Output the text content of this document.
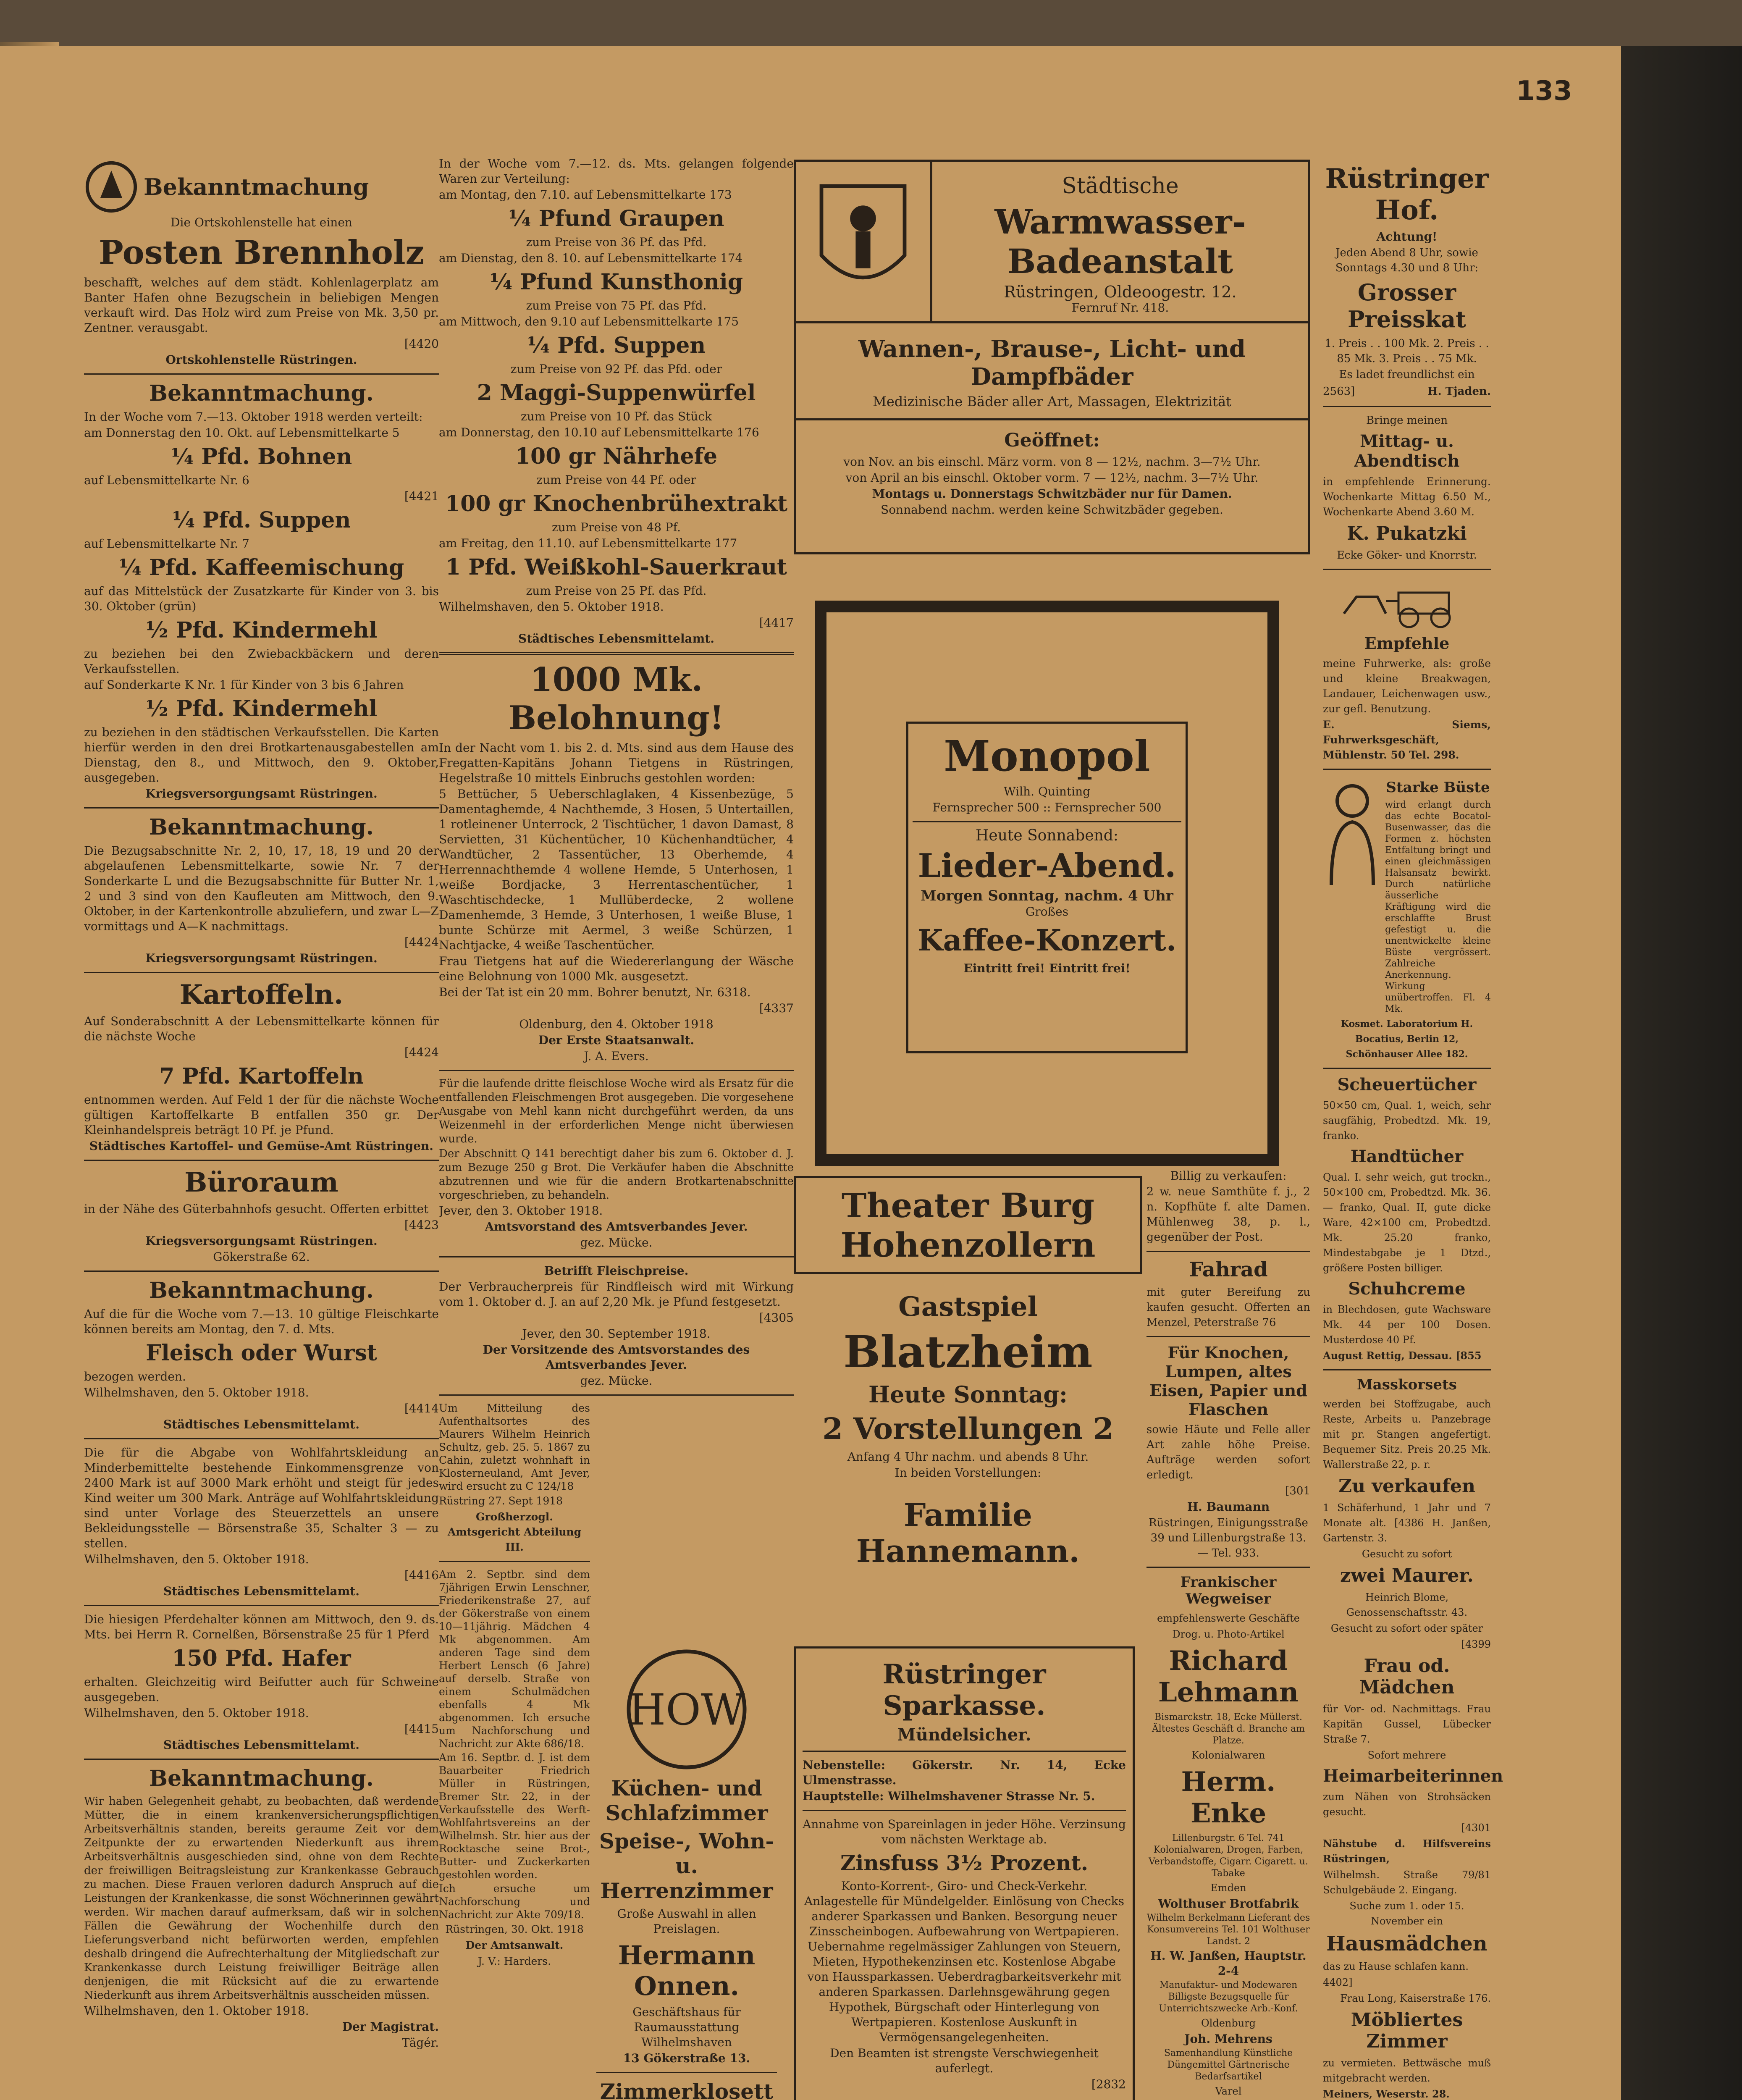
133
Bekanntmachung
Die Ortskohlenstelle hat einen
Posten Brennholz
beschafft, welches auf dem städt. Kohlenlagerplatz am Banter Hafen ohne Bezugschein in beliebigen Mengen verkauft wird. Das Holz wird zum Preise von Mk. 3,50 pr. Zentner. verausgabt.
[4420
Ortskohlenstelle Rüstringen.
Bekanntmachung.
In der Woche vom 7.—13. Oktober 1918 werden verteilt:
am Donnerstag den 10. Okt. auf Lebensmittelkarte 5
¼ Pfd. Bohnen
auf Lebensmittelkarte Nr. 6
[4421
¼ Pfd. Suppen
auf Lebensmittelkarte Nr. 7
¼ Pfd. Kaffeemischung
auf das Mittelstück der Zusatzkarte für Kinder von 3. bis 30. Oktober (grün)
½ Pfd. Kindermehl
zu beziehen bei den Zwiebackbäckern und deren Verkaufsstellen.
auf Sonderkarte K Nr. 1 für Kinder von 3 bis 6 Jahren
½ Pfd. Kindermehl
zu beziehen in den städtischen Verkaufsstellen. Die Karten hierfür werden in den drei Brotkartenausgabestellen am Dienstag, den 8., und Mittwoch, den 9. Oktober, ausgegeben.
Kriegsversorgungsamt Rüstringen.
Bekanntmachung.
Die Bezugsabschnitte Nr. 2, 10, 17, 18, 19 und 20 der abgelaufenen Lebensmittelkarte, sowie Nr. 7 der Sonderkarte L und die Bezugsabschnitte für Butter Nr. 1, 2 und 3 sind von den Kaufleuten am Mittwoch, den 9. Oktober, in der Kartenkontrolle abzuliefern, und zwar L—Z vormittags und A—K nachmittags.
[4424
Kriegsversorgungsamt Rüstringen.
Kartoffeln.
Auf Sonderabschnitt A der Lebensmittelkarte können für die nächste Woche
[4424
7 Pfd. Kartoffeln
entnommen werden. Auf Feld 1 der für die nächste Woche gültigen Kartoffelkarte B entfallen 350 gr. Der Kleinhandelspreis beträgt 10 Pf. je Pfund.
Städtisches Kartoffel- und Gemüse-Amt Rüstringen.
Büroraum
in der Nähe des Güterbahnhofs gesucht. Offerten erbittet
[4423
Kriegsversorgungsamt Rüstringen.
Gökerstraße 62.
Bekanntmachung.
Auf die für die Woche vom 7.—13. 10 gültige Fleischkarte können bereits am Montag, den 7. d. Mts.
Fleisch oder Wurst
bezogen werden.
Wilhelmshaven, den 5. Oktober 1918.
[4414
Städtisches Lebensmittelamt.
Die für die Abgabe von Wohlfahrtskleidung an Minderbemittelte bestehende Einkommensgrenze von 2400 Mark ist auf 3000 Mark erhöht und steigt für jedes Kind weiter um 300 Mark. Anträge auf Wohlfahrtskleidung sind unter Vorlage des Steuerzettels an unsere Bekleidungsstelle — Börsenstraße 35, Schalter 3 — zu stellen.
Wilhelmshaven, den 5. Oktober 1918.
[4416
Städtisches Lebensmittelamt.
Die hiesigen Pferdehalter können am Mittwoch, den 9. ds. Mts. bei Herrn R. Cornelßen, Börsenstraße 25 für 1 Pferd
150 Pfd. Hafer
erhalten. Gleichzeitig wird Beifutter auch für Schweine ausgegeben.
Wilhelmshaven, den 5. Oktober 1918.
[4415
Städtisches Lebensmittelamt.
Bekanntmachung.
Wir haben Gelegenheit gehabt, zu beobachten, daß werdende Mütter, die in einem krankenversicherungspflichtigen Arbeitsverhältnis standen, bereits geraume Zeit vor dem Zeitpunkte der zu erwartenden Niederkunft aus ihrem Arbeitsverhältnis ausgeschieden sind, ohne von dem Rechte der freiwilligen Beitragsleistung zur Krankenkasse Gebrauch zu machen. Diese Frauen verloren dadurch Anspruch auf die Leistungen der Krankenkasse, die sonst Wöchnerinnen gewährt werden. Wir machen darauf aufmerksam, daß wir in solchen Fällen die Gewährung der Wochenhilfe durch den Lieferungsverband nicht befürworten werden, empfehlen deshalb dringend die Aufrechterhaltung der Mitgliedschaft zur Krankenkasse durch Leistung freiwilliger Beiträge allen denjenigen, die mit Rücksicht auf die zu erwartende Niederkunft aus ihrem Arbeitsverhältnis ausscheiden müssen.
Wilhelmshaven, den 1. Oktober 1918.
Der Magistrat.
Tägér.
In der Woche vom 7.—12. ds. Mts. gelangen folgende Waren zur Verteilung:
am Montag, den 7.10. auf Lebensmittelkarte 173
¼ Pfund Graupen
zum Preise von 36 Pf. das Pfd.
am Dienstag, den 8. 10. auf Lebensmittelkarte 174
¼ Pfund Kunsthonig
zum Preise von 75 Pf. das Pfd.
am Mittwoch, den 9.10 auf Lebensmittelkarte 175
¼ Pfd. Suppen
zum Preise von 92 Pf. das Pfd. oder
2 Maggi-Suppenwürfel
zum Preise von 10 Pf. das Stück
am Donnerstag, den 10.10 auf Lebensmittelkarte 176
100 gr Nährhefe
zum Preise von 44 Pf. oder
100 gr Knochenbrühextrakt
zum Preise von 48 Pf.
am Freitag, den 11.10. auf Lebensmittelkarte 177
1 Pfd. Weißkohl-Sauerkraut
zum Preise von 25 Pf. das Pfd.
Wilhelmshaven, den 5. Oktober 1918.
[4417
Städtisches Lebensmittelamt.
1000 Mk. Belohnung!
In der Nacht vom 1. bis 2. d. Mts. sind aus dem Hause des Fregatten-Kapitäns Johann Tietgens in Rüstringen, Hegelstraße 10 mittels Einbruchs gestohlen worden:
5 Bettücher, 5 Ueberschlaglaken, 4 Kissenbezüge, 5 Damentaghemde, 4 Nachthemde, 3 Hosen, 5 Untertaillen, 1 rotleinener Unterrock, 2 Tischtücher, 1 davon Damast, 8 Servietten, 31 Küchentücher, 10 Küchenhandtücher, 4 Wandtücher, 2 Tassentücher, 13 Oberhemde, 4 Herrennachthemde 4 wollene Hemde, 5 Unterhosen, 1 weiße Bordjacke, 3 Herrentaschentücher, 1 Waschtischdecke, 1 Mullüberdecke, 2 wollene Damenhemde, 3 Hemde, 3 Unterhosen, 1 weiße Bluse, 1 bunte Schürze mit Aermel, 3 weiße Schürzen, 1 Nachtjacke, 4 weiße Taschentücher.
Frau Tietgens hat auf die Wiedererlangung der Wäsche eine Belohnung von 1000 Mk. ausgesetzt.
Bei der Tat ist ein 20 mm. Bohrer benutzt, Nr. 6318.
[4337
Oldenburg, den 4. Oktober 1918
Der Erste Staatsanwalt.
J. A. Evers.
Für die laufende dritte fleischlose Woche wird als Ersatz für die entfallenden Fleischmengen Brot ausgegeben. Die vorgesehene Ausgabe von Mehl kann nicht durchgeführt werden, da uns Weizenmehl in der erforderlichen Menge nicht überwiesen wurde.
Der Abschnitt Q 141 berechtigt daher bis zum 6. Oktober d. J. zum Bezuge 250 g Brot. Die Verkäufer haben die Abschnitte abzutrennen und wie für die andern Brotkartenabschnitte vorgeschrieben, zu behandeln.
Jever, den 3. Oktober 1918.
Amtsvorstand des Amtsverbandes Jever.
gez. Mücke.
Betrifft Fleischpreise.
Der Verbraucherpreis für Rindfleisch wird mit Wirkung vom 1. Oktober d. J. an auf 2,20 Mk. je Pfund festgesetzt.
[4305
Jever, den 30. September 1918.
Der Vorsitzende des Amtsvorstandes des Amtsverbandes Jever.
gez. Mücke.
Um Mitteilung des Aufenthaltsortes des Maurers Wilhelm Heinrich Schultz, geb. 25. 5. 1867 zu Cahin, zuletzt wohnhaft in Klosterneuland, Amt Jever, wird ersucht zu C 124/18
Rüstring 27. Sept 1918
Großherzogl. Amtsgericht Abteilung III.
Am 2. Septbr. sind dem 7jährigen Erwin Lenschner, Friederikenstraße 27, auf der Gökerstraße von einem 10—11jährig. Mädchen 4 Mk abgenommen. Am anderen Tage sind dem Herbert Lensch (6 Jahre) auf derselb. Straße von einem Schulmädchen ebenfalls 4 Mk abgenommen. Ich ersuche um Nachforschung und Nachricht zur Akte 686/18.
Am 16. Septbr. d. J. ist dem Bauarbeiter Friedrich Müller in Rüstringen, Bremer Str. 22, in der Verkaufsstelle des Werft-Wohlfahrtsvereins an der Wilhelmsh. Str. hier aus der Rocktasche seine Brot-, Butter- und Zuckerkarten gestohlen worden.
Ich ersuche um Nachforschung und Nachricht zur Akte 709/18.
Rüstringen, 30. Okt. 1918
Der Amtsanwalt.
J. V.: Harders.
HOW
Küchen- und Schlafzimmer
Speise-, Wohn- u. Herrenzimmer
Große Auswahl in allen Preislagen.
Hermann Onnen.
Geschäftshaus für Raumausstattung Wilhelmshaven
13 Gökerstraße 13.
Zimmerklosett
Städtische
Warmwasser-Badeanstalt
Rüstringen, Oldeoogestr. 12.
Fernruf Nr. 418.
Wannen-, Brause-, Licht- und Dampfbäder
Medizinische Bäder aller Art, Massagen, Elektrizität
Geöffnet:
von Nov. an bis einschl. März vorm. von 8 — 12½, nachm. 3—7½ Uhr.
von April an bis einschl. Oktober vorm. 7 — 12½, nachm. 3—7½ Uhr.
Montags u. Donnerstags Schwitzbäder nur für Damen.
Sonnabend nachm. werden keine Schwitzbäder gegeben.
Monopol
Wilh. Quinting
Fernsprecher 500 :: Fernsprecher 500
Heute Sonnabend:
Lieder-Abend.
Morgen Sonntag, nachm. 4 Uhr
Großes
Kaffee-Konzert.
Eintritt frei! Eintritt frei!
Theater Burg Hohenzollern
Gastspiel
Blatzheim
Heute Sonntag:
2 Vorstellungen 2
Anfang 4 Uhr nachm. und abends 8 Uhr.
In beiden Vorstellungen:
Familie Hannemann.
Rüstringer Sparkasse.
Mündelsicher.
Nebenstelle: Gökerstr. Nr. 14, Ecke Ulmenstrasse.
Hauptstelle: Wilhelmshavener Strasse Nr. 5.
Annahme von Spareinlagen in jeder Höhe. Verzinsung vom nächsten Werktage ab.
Zinsfuss 3½ Prozent.
Konto-Korrent-, Giro- und Check-Verkehr. Anlagestelle für Mündelgelder. Einlösung von Checks anderer Sparkassen und Banken. Besorgung neuer Zinsscheinbogen. Aufbewahrung von Wertpapieren. Uebernahme regelmässiger Zahlungen von Steuern, Mieten, Hypothekenzinsen etc. Kostenlose Abgabe von Haussparkassen. Ueberdragbarkeitsverkehr mit anderen Sparkassen. Darlehnsgewährung gegen Hypothek, Bürgschaft oder Hinterlegung von Wertpapieren. Kostenlose Auskunft in Vermögensangelegenheiten.
Den Beamten ist strengste Verschwiegenheit auferlegt.
[2832
Billig zu verkaufen:
2 w. neue Samthüte f. j., 2 n. Kopfhüte f. alte Damen. Mühlenweg 38, p. l., gegenüber der Post.
Fahrad
mit guter Bereifung zu kaufen gesucht. Offerten an Menzel, Peterstraße 76
Für Knochen, Lumpen, altes Eisen, Papier und Flaschen
sowie Häute und Felle aller Art zahle höhe Preise. Aufträge werden sofort erledigt.
[301
H. Baumann
Rüstringen, Einigungsstraße 39 und Lillenburgstraße 13. — Tel. 933.
Frankischer Wegweiser
empfehlenswerte Geschäfte
Drog. u. Photo-Artikel
Richard Lehmann
Bismarckstr. 18, Ecke Müllerst. Ältestes Geschäft d. Branche am Platze.
Kolonialwaren
Herm. Enke
Lillenburgstr. 6 Tel. 741 Kolonialwaren, Drogen, Farben, Verbandstoffe, Cigarr. Cigarett. u. Tabake
Emden
Wolthuser Brotfabrik
Wilhelm Berkelmann Lieferant des Konsumvereins Tel. 101 Wolthuser Landst. 2
H. W. Janßen, Hauptstr. 2-4
Manufaktur- und Modewaren Billigste Bezugsquelle für Unterrichtszwecke Arb.-Konf.
Oldenburg
Joh. Mehrens
Samenhandlung Künstliche Düngemittel Gärtnerische Bedarfsartikel
Varel
Rüstringer Hof.
Achtung!
Jeden Abend 8 Uhr, sowie Sonntags 4.30 und 8 Uhr:
Grosser Preisskat
1. Preis . . 100 Mk. 2. Preis . . 85 Mk. 3. Preis . . 75 Mk.
Es ladet freundlichst ein
2563]	H. Tjaden.
Bringe meinen
Mittag- u. Abendtisch
in empfehlende Erinnerung. Wochenkarte Mittag 6.50 M., Wochenkarte Abend 3.60 M.
K. Pukatzki
Ecke Göker- und Knorrstr.
Empfehle
meine Fuhrwerke, als: große und kleine Breakwagen, Landauer, Leichenwagen usw., zur gefl. Benutzung.
E. Siems, Fuhrwerksgeschäft, Mühlenstr. 50 Tel. 298.
Starke Büste
wird erlangt durch das echte Bocatol-Busenwasser, das die Formen z. höchsten Entfaltung bringt und einen gleichmässigen Halsansatz bewirkt. Durch natürliche äusserliche Kräftigung wird die erschlaffte Brust gefestigt u. die unentwickelte kleine Büste vergrössert. Zahlreiche Anerkennung. Wirkung unübertroffen. Fl. 4 Mk.
Kosmet. Laboratorium H. Bocatius, Berlin 12, Schönhauser Allee 182.
Scheuertücher
50×50 cm, Qual. 1, weich, sehr saugfähig, Probedtzd. Mk. 19, franko.
Handtücher
Qual. I. sehr weich, gut trockn., 50×100 cm, Probedtzd. Mk. 36.— franko, Qual. II, gute dicke Ware, 42×100 cm, Probedtzd. Mk. 25.20 franko, Mindestabgabe je 1 Dtzd., größere Posten billiger.
Schuhcreme
in Blechdosen, gute Wachsware Mk. 44 per 100 Dosen. Musterdose 40 Pf.
August Rettig, Dessau. [855
Masskorsets
werden bei Stoffzugabe, auch Reste, Arbeits u. Panzebrage mit pr. Stangen angefertigt. Bequemer Sitz. Preis 20.25 Mk. Wallerstraße 22, p. r.
Zu verkaufen
1 Schäferhund, 1 Jahr und 7 Monate alt. [4386 H. Janßen, Gartenstr. 3.
Gesucht zu sofort
zwei Maurer.
Heinrich Blome, Genossenschaftsstr. 43.
Gesucht zu sofort oder später
[4399
Frau od. Mädchen
für Vor- od. Nachmittags. Frau Kapitän Gussel, Lübecker Straße 7.
Sofort mehrere
Heimarbeiterinnen
zum Nähen von Strohsäcken gesucht.
[4301
Nähstube d. Hilfsvereins Rüstringen,
Wilhelmsh. Straße 79/81 Schulgebäude 2. Eingang.
Suche zum 1. oder 15. November ein
Hausmädchen
das zu Hause schlafen kann.
4402]
Frau Long, Kaiserstraße 176.
Möbliertes Zimmer
zu vermieten. Bettwäsche muß mitgebracht werden.
Meiners, Weserstr. 28.
